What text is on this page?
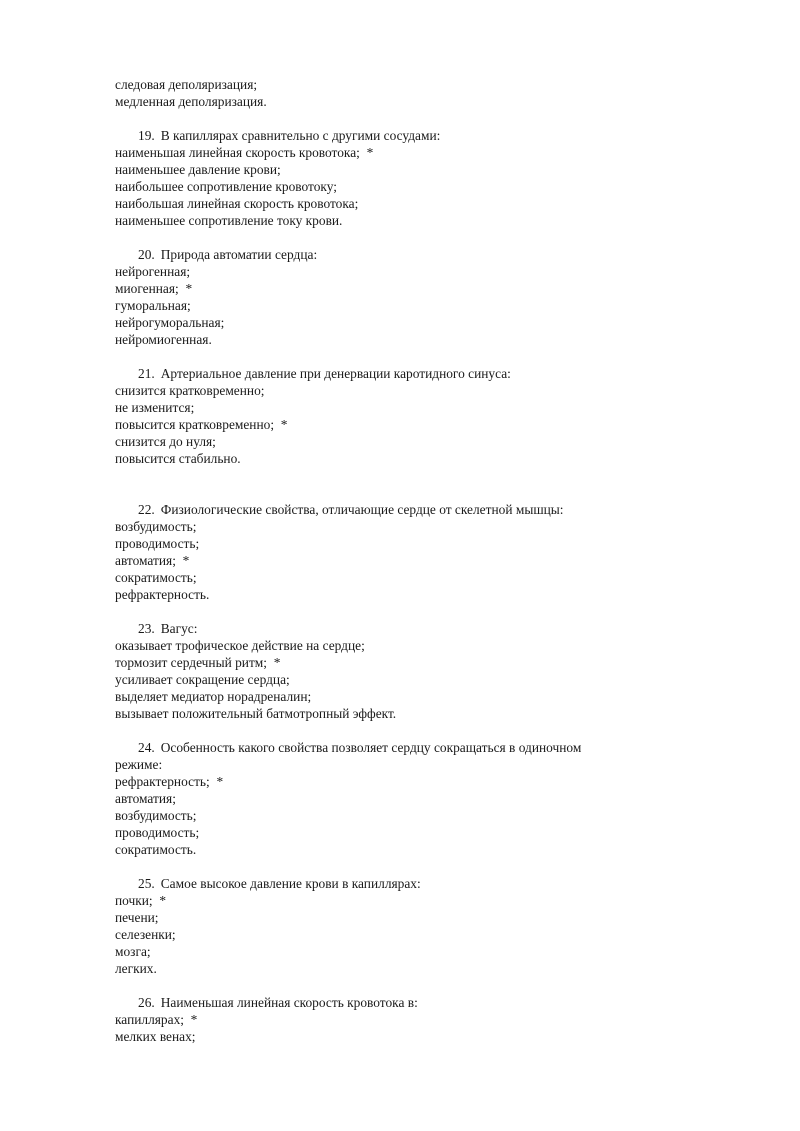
следовая деполяризация;
медленная деполяризация.
19. В капиллярах сравнительно с другими сосудами:
наименьшая линейная скорость кровотока;  *
наименьшее давление крови;
наибольшее сопротивление кровотоку;
наибольшая линейная скорость кровотока;
наименьшее сопротивление току крови.
20. Природа автоматии сердца:
нейрогенная;
миогенная;  *
гуморальная;
нейрогуморальная;
нейромиогенная.
21. Артериальное давление при денервации каротидного синуса:
снизится кратковременно;
не изменится;
повысится кратковременно;  *
снизится до нуля;
повысится стабильно.
22. Физиологические свойства, отличающие сердце от скелетной мышцы:
возбудимость;
проводимость;
автоматия;  *
сократимость;
рефрактерность.
23. Вагус:
оказывает трофическое действие на сердце;
тормозит сердечный ритм;  *
усиливает сокращение сердца;
выделяет медиатор норадреналин;
вызывает положительный батмотропный эффект.
24. Особенность какого свойства позволяет сердцу сокращаться в одиночном
режиме:
рефрактерность;  *
автоматия;
возбудимость;
проводимость;
сократимость.
25. Самое высокое давление крови в капиллярах:
почки;  *
печени;
селезенки;
мозга;
легких.
26. Наименьшая линейная скорость кровотока в:
капиллярах;  *
мелких венах;
